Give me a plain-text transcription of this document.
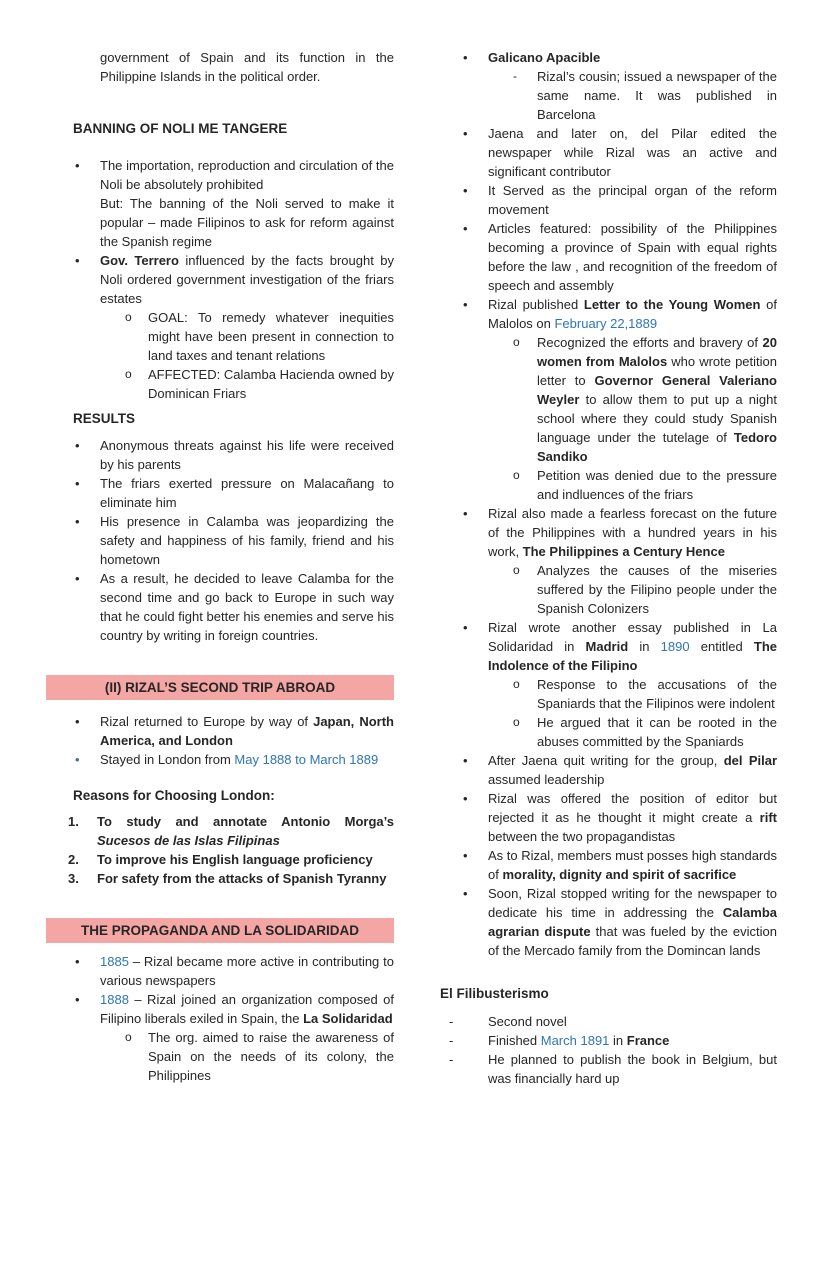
government of Spain and its function in the Philippine Islands in the political order.

BANNING OF NOLI ME TANGERE
• The importation, reproduction and circulation of the Noli be absolutely prohibited
But: The banning of the Noli served to make it popular – made Filipinos to ask for reform against the Spanish regime
• Gov. Terrero influenced by the facts brought by Noli ordered government investigation of the friars estates
o GOAL: To remedy whatever inequities might have been present in connection to land taxes and tenant relations
o AFFECTED: Calamba Hacienda owned by Dominican Friars
RESULTS
• Anonymous threats against his life were received by his parents
• The friars exerted pressure on Malacañang to eliminate him
• His presence in Calamba was jeopardizing the safety and happiness of his family, friend and his hometown
• As a result, he decided to leave Calamba for the second time and go back to Europe in such way that he could fight better his enemies and serve his country by writing in foreign countries.
(II) RIZAL’S SECOND TRIP ABROAD
• Rizal returned to Europe by way of Japan, North America, and London
• Stayed in London from May 1888 to March 1889
Reasons for Choosing London:
1. To study and annotate Antonio Morga’s Sucesos de las Islas Filipinas
2. To improve his English language proficiency
3. For safety from the attacks of Spanish Tyranny
THE PROPAGANDA AND LA SOLIDARIDAD
• 1885 – Rizal became more active in contributing to various newspapers
• 1888 – Rizal joined an organization composed of Filipino liberals exiled in Spain, the La Solidaridad
o The org. aimed to raise the awareness of Spain on the needs of its colony, the Philippines
• Galicano Apacible
- Rizal’s cousin; issued a newspaper of the same name. It was published in Barcelona
• Jaena and later on, del Pilar edited the newspaper while Rizal was an active and significant contributor
• It Served as the principal organ of the reform movement
• Articles featured: possibility of the Philippines becoming a province of Spain with equal rights before the law , and recognition of the freedom of speech and assembly
• Rizal published Letter to the Young Women of Malolos on February 22,1889
o Recognized the efforts and bravery of 20 women from Malolos who wrote petition letter to Governor General Valeriano Weyler to allow them to put up a night school where they could study Spanish language under the tutelage of Tedoro Sandiko
o Petition was denied due to the pressure and indluences of the friars
• Rizal also made a fearless forecast on the future of the Philippines with a hundred years in his work, The Philippines a Century Hence
o Analyzes the causes of the miseries suffered by the Filipino people under the Spanish Colonizers
• Rizal wrote another essay published in La Solidaridad in Madrid in 1890 entitled The Indolence of the Filipino
o Response to the accusations of the Spaniards that the Filipinos were indolent
o He argued that it can be rooted in the abuses committed by the Spaniards
• After Jaena quit writing for the group, del Pilar assumed leadership
• Rizal was offered the position of editor but rejected it as he thought it might create a rift between the two propagandistas
• As to Rizal, members must posses high standards of morality, dignity and spirit of sacrifice
• Soon, Rizal stopped writing for the newspaper to dedicate his time in addressing the Calamba agrarian dispute that was fueled by the eviction of the Mercado family from the Domincan lands
El Filibusterismo
-	Second novel
-	Finished March 1891 in France
-	He planned to publish the book in Belgium, but was financially hard up
